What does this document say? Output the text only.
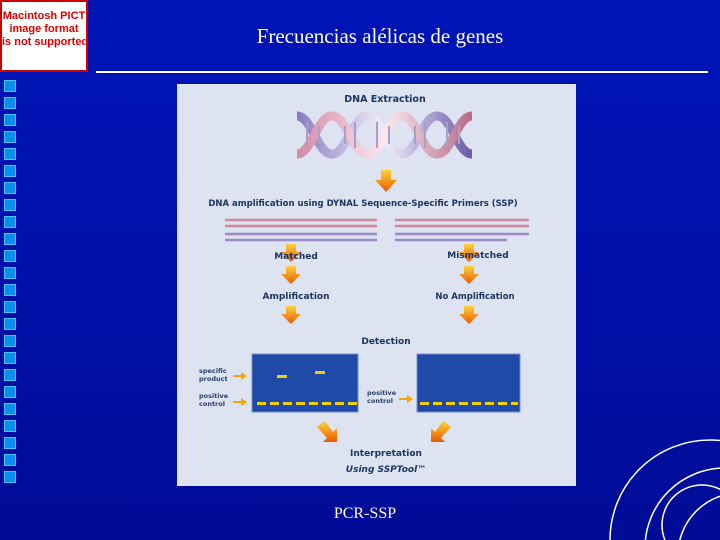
Macintosh PICT
image format
is not supported	Frecuencias alélicas de genes
DNA Extraction
DNA amplification using DYNAL Sequence-Specific Primers (SSP)
Matched	Mismatched
Amplification	No Amplification
Detection
specific
product
positive
control
positive
control
Interpretation
Using SSPTool™
PCR-SSP
